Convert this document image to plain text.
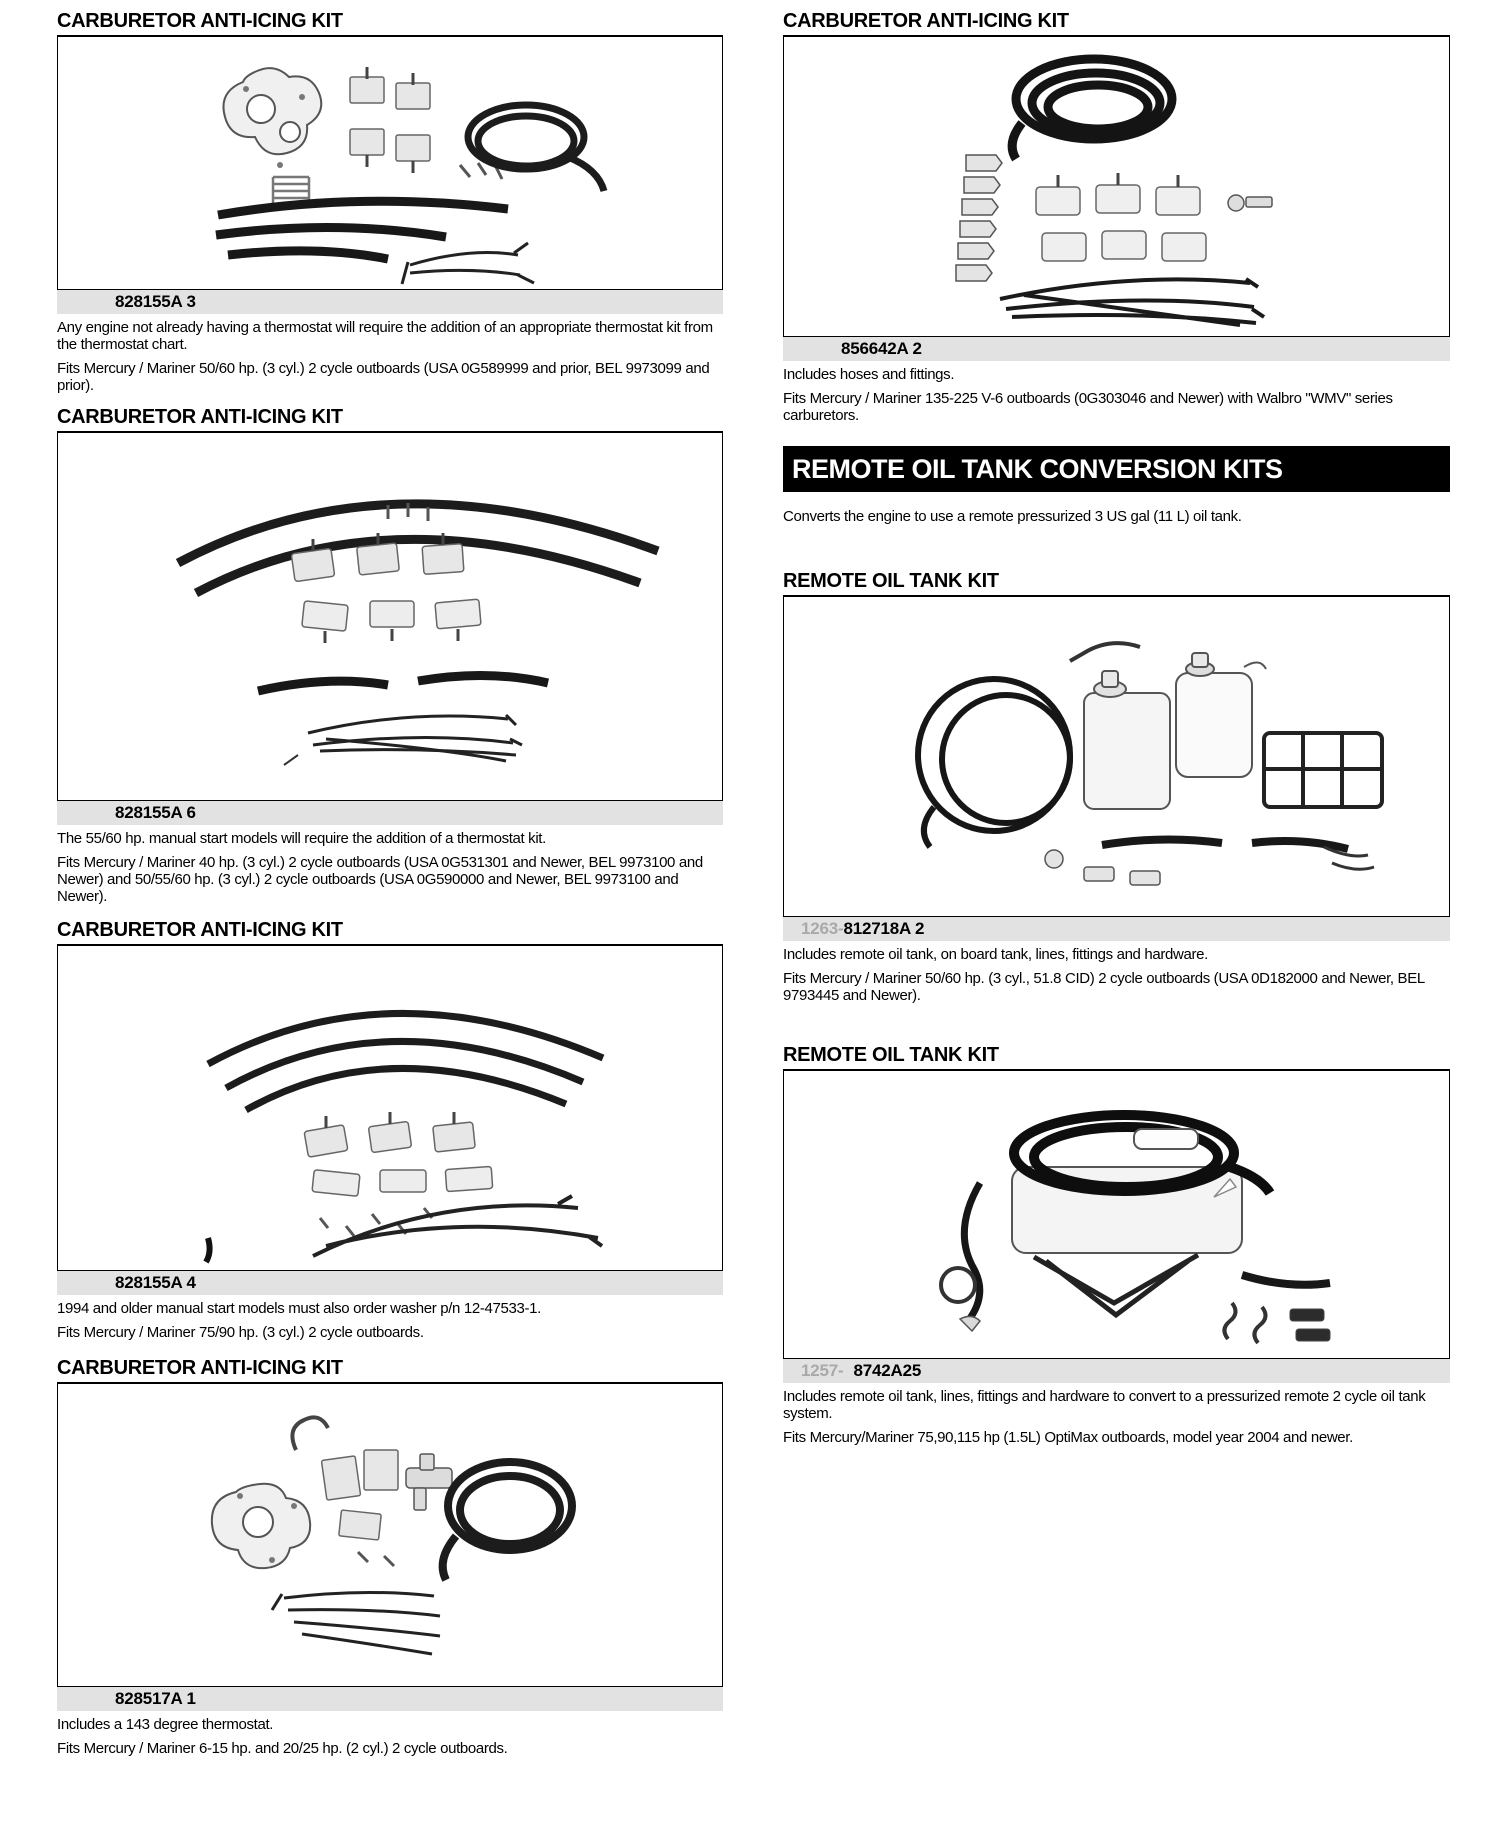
CARBURETOR ANTI-ICING KIT
828155A 3

Any engine not already having a thermostat will require the addition of an appropriate thermostat kit from the thermostat chart.

Fits Mercury / Mariner 50/60 hp. (3 cyl.) 2 cycle outboards (USA 0G589999 and prior, BEL 9973099 and prior).

CARBURETOR ANTI-ICING KIT
828155A 6

The 55/60 hp. manual start models will require the addition of a thermostat kit.

Fits Mercury / Mariner 40 hp. (3 cyl.) 2 cycle outboards (USA 0G531301 and Newer, BEL 9973100 and Newer) and 50/55/60 hp. (3 cyl.) 2 cycle outboards (USA 0G590000 and Newer, BEL 9973100 and Newer).

CARBURETOR ANTI-ICING KIT
828155A 4

1994 and older manual start models must also order washer p/n 12-47533-1.

Fits Mercury / Mariner 75/90 hp. (3 cyl.) 2 cycle outboards.

CARBURETOR ANTI-ICING KIT
828517A 1

Includes a 143 degree thermostat.

Fits Mercury / Mariner 6-15 hp. and 20/25 hp. (2 cyl.) 2 cycle outboards.

CARBURETOR ANTI-ICING KIT
856642A 2

Includes hoses and fittings.

Fits Mercury / Mariner 135-225 V-6 outboards (0G303046 and Newer) with Walbro "WMV" series carburetors.

REMOTE OIL TANK CONVERSION KITS

Converts the engine to use a remote pressurized 3 US gal (11 L) oil tank.

REMOTE OIL TANK KIT
1263-812718A 2

Includes remote oil tank, on board tank, lines, fittings and hardware.

Fits Mercury / Mariner 50/60 hp. (3 cyl., 51.8 CID) 2 cycle outboards (USA 0D182000 and Newer, BEL 9793445 and Newer).

REMOTE OIL TANK KIT
1257- 8742A25

Includes remote oil tank, lines, fittings and hardware to convert to a pressurized remote 2 cycle oil tank system.

Fits Mercury/Mariner 75,90,115 hp (1.5L) OptiMax outboards, model year 2004 and newer.
